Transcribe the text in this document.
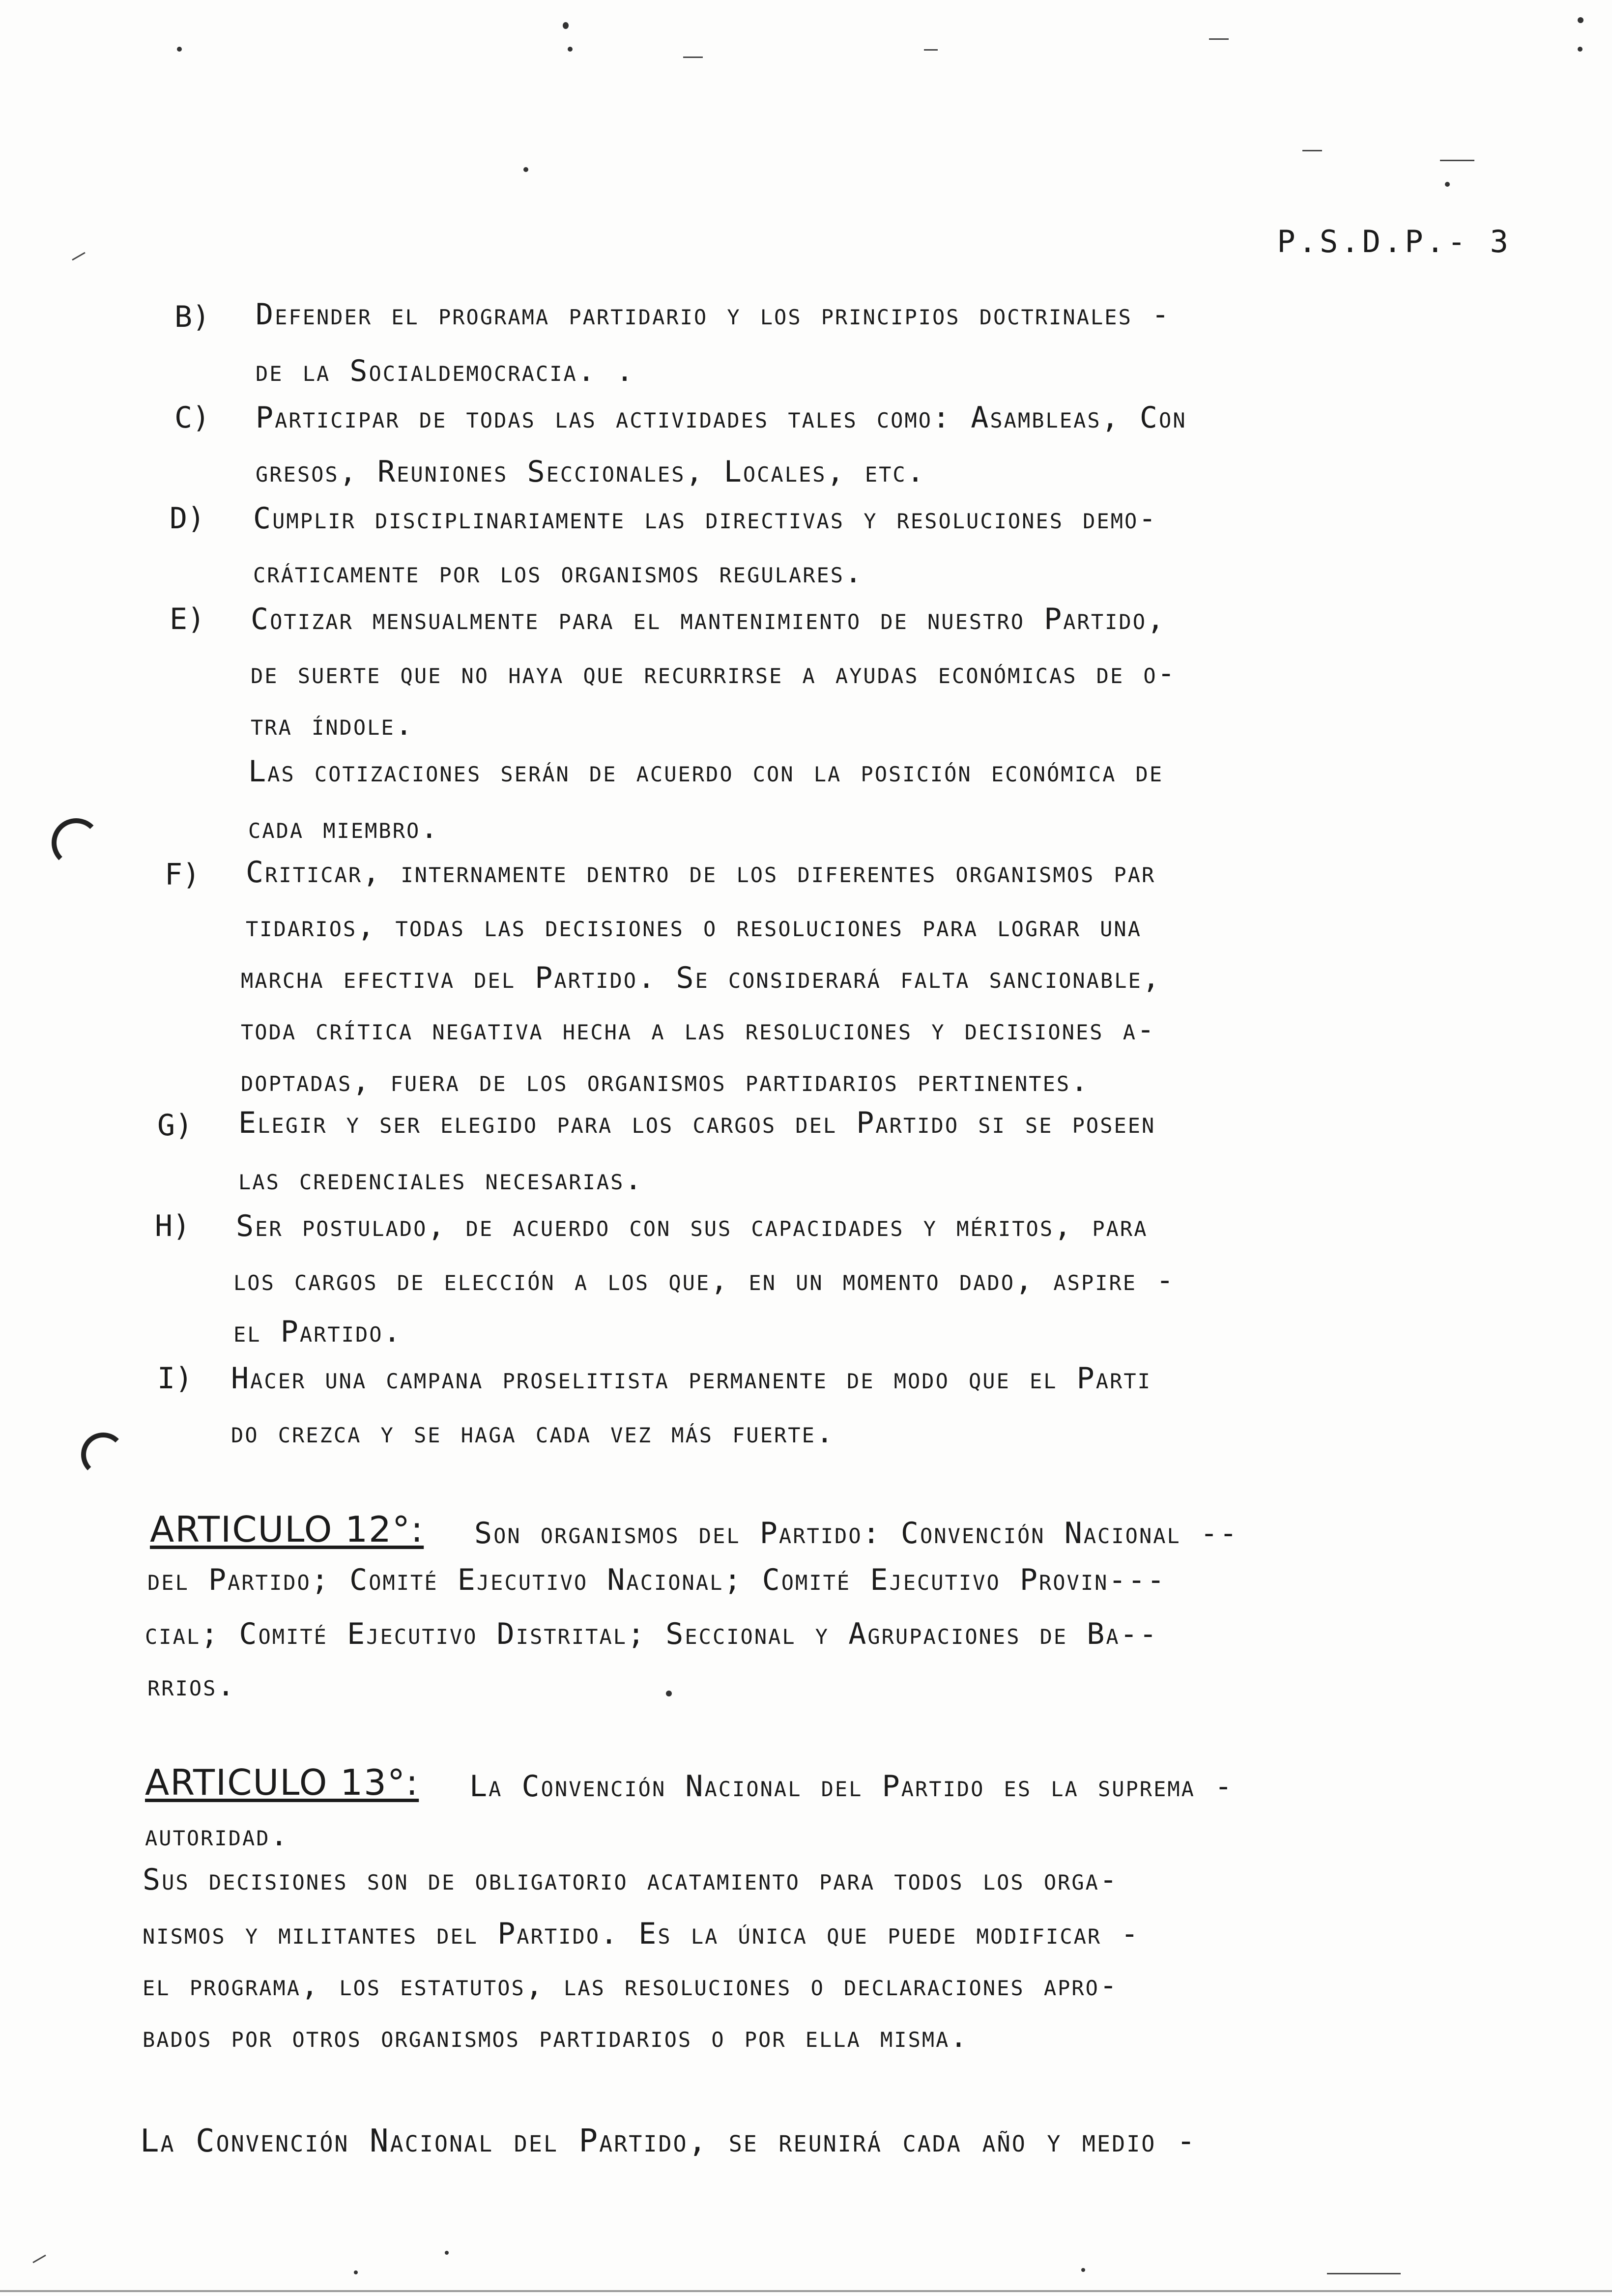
P.S.D.P.- 3
B) Defender el programa partidario y los principios doctrinales -
de la Socialdemocracia. .
C) Participar de todas las actividades tales como: Asambleas, Con
gresos, Reuniones Seccionales, Locales, etc.
D) Cumplir disciplinariamente las directivas y resoluciones demo-
cráticamente por los organismos regulares.
E) Cotizar mensualmente para el mantenimiento de nuestro Partido,
de suerte que no haya que recurrirse a ayudas económicas de o-
tra índole.
Las cotizaciones serán de acuerdo con la posición económica de
cada miembro.
F) Criticar, internamente dentro de los diferentes organismos par
tidarios, todas las decisiones o resoluciones para lograr una
marcha efectiva del Partido. Se considerará falta sancionable,
toda crítica negativa hecha a las resoluciones y decisiones a-
doptadas, fuera de los organismos partidarios pertinentes.
G) Elegir y ser elegido para los cargos del Partido si se poseen
las credenciales necesarias.
H) Ser postulado, de acuerdo con sus capacidades y méritos, para
los cargos de elección a los que, en un momento dado, aspire -
el Partido.
I) Hacer una campana proselitista permanente de modo que el Parti
do crezca y se haga cada vez más fuerte.
ARTICULO 12°: Son organismos del Partido: Convención Nacional --
del Partido; Comité Ejecutivo Nacional; Comité Ejecutivo Provin---
cial; Comité Ejecutivo Distrital; Seccional y Agrupaciones de Ba--
rrios.
ARTICULO 13°: La Convención Nacional del Partido es la suprema -
autoridad.
Sus decisiones son de obligatorio acatamiento para todos los orga-
nismos y militantes del Partido. Es la única que puede modificar -
el programa, los estatutos, las resoluciones o declaraciones apro-
bados por otros organismos partidarios o por ella misma.
La Convención Nacional del Partido, se reunirá cada año y medio -
